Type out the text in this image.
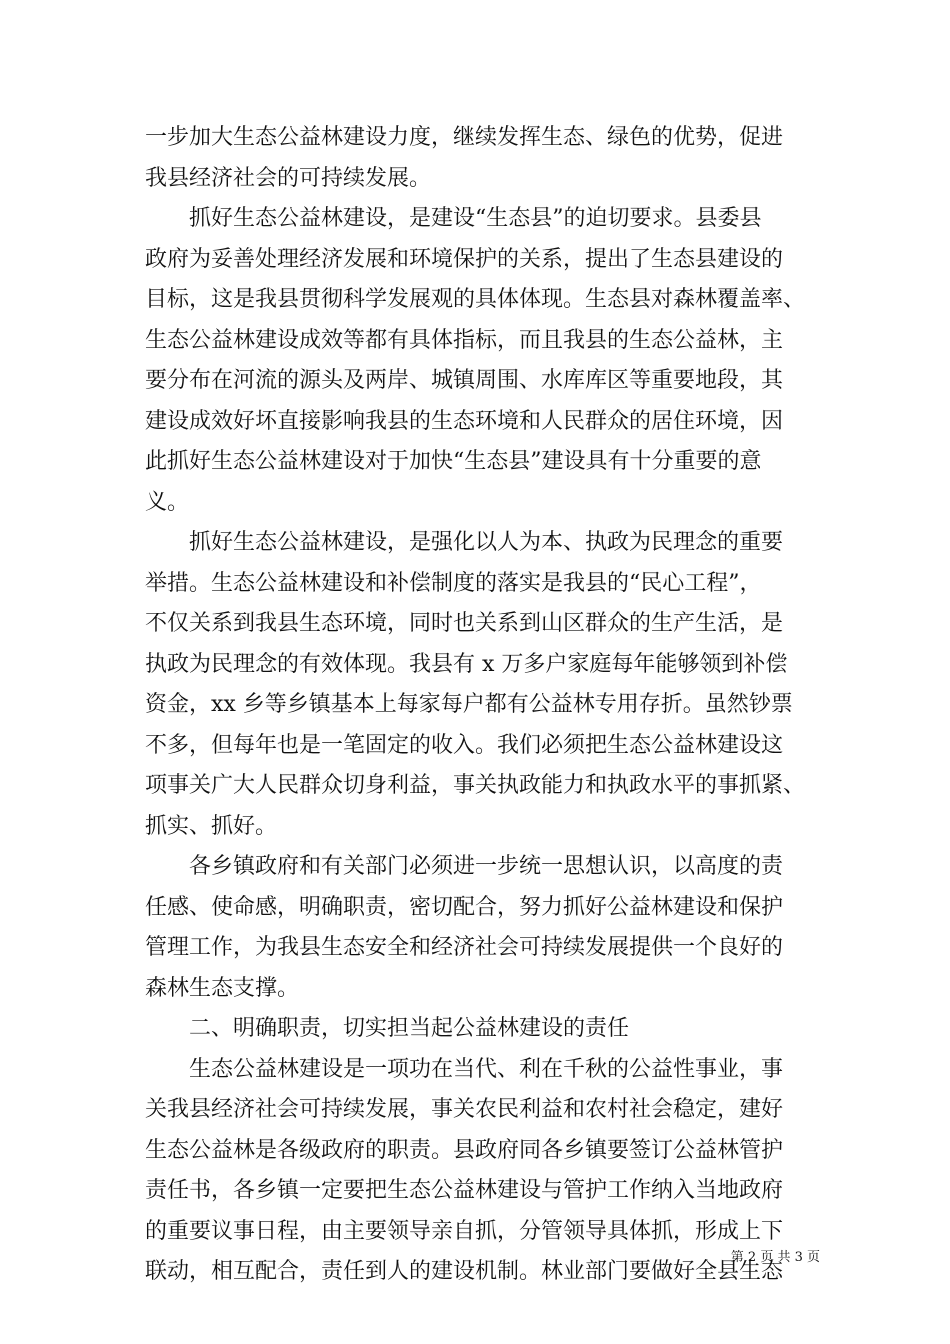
一步加大生态公益林建设力度，继续发挥生态、绿色的优势，促进
我县经济社会的可持续发展。
抓好生态公益林建设，是建设“生态县”的迫切要求。县委县
政府为妥善处理经济发展和环境保护的关系，提出了生态县建设的
目标，这是我县贯彻科学发展观的具体体现。生态县对森林覆盖率、
生态公益林建设成效等都有具体指标，而且我县的生态公益林，主
要分布在河流的源头及两岸、城镇周围、水库库区等重要地段，其
建设成效好坏直接影响我县的生态环境和人民群众的居住环境，因
此抓好生态公益林建设对于加快“生态县”建设具有十分重要的意
义。
抓好生态公益林建设，是强化以人为本、执政为民理念的重要
举措。生态公益林建设和补偿制度的落实是我县的“民心工程”，
不仅关系到我县生态环境，同时也关系到山区群众的生产生活，是
执政为民理念的有效体现。我县有 x 万多户家庭每年能够领到补偿
资金，xx 乡等乡镇基本上每家每户都有公益林专用存折。虽然钞票
不多，但每年也是一笔固定的收入。我们必须把生态公益林建设这
项事关广大人民群众切身利益，事关执政能力和执政水平的事抓紧、
抓实、抓好。
各乡镇政府和有关部门必须进一步统一思想认识，以高度的责
任感、使命感，明确职责，密切配合，努力抓好公益林建设和保护
管理工作，为我县生态安全和经济社会可持续发展提供一个良好的
森林生态支撑。
二、明确职责，切实担当起公益林建设的责任
生态公益林建设是一项功在当代、利在千秋的公益性事业，事
关我县经济社会可持续发展，事关农民利益和农村社会稳定，建好
生态公益林是各级政府的职责。县政府同各乡镇要签订公益林管护
责任书，各乡镇一定要把生态公益林建设与管护工作纳入当地政府
的重要议事日程，由主要领导亲自抓，分管领导具体抓，形成上下
联动，相互配合，责任到人的建设机制。林业部门要做好全县生态
第 2 页 共 3 页
